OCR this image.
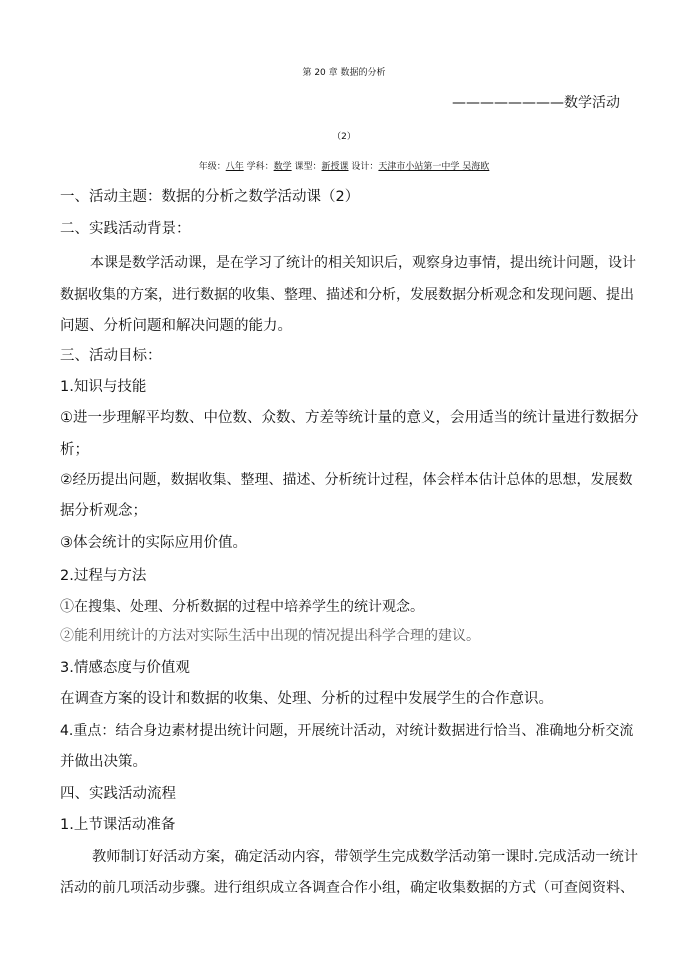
第 20 章 数据的分析
————————数学活动
（2）
年级：八年 学科：数学 课型：新授课 设计：天津市小站第一中学 吴海欧
一、活动主题：数据的分析之数学活动课（2）
二、实践活动背景：
本课是数学活动课，是在学习了统计的相关知识后，观察身边事情，提出统计问题，设计
数据收集的方案，进行数据的收集、整理、描述和分析，发展数据分析观念和发现问题、提出
问题、分析问题和解决问题的能力。
三、活动目标：
1.知识与技能
①进一步理解平均数、中位数、众数、方差等统计量的意义，会用适当的统计量进行数据分
析；
②经历提出问题，数据收集、整理、描述、分析统计过程，体会样本估计总体的思想，发展数
据分析观念；
③体会统计的实际应用价值。
2.过程与方法
①在搜集、处理、分析数据的过程中培养学生的统计观念。
②能利用统计的方法对实际生活中出现的情况提出科学合理的建议。
3.情感态度与价值观
在调查方案的设计和数据的收集、处理、分析的过程中发展学生的合作意识。
4.重点：结合身边素材提出统计问题，开展统计活动，对统计数据进行恰当、准确地分析交流
并做出决策。
四、实践活动流程
1.上节课活动准备
教师制订好活动方案，确定活动内容，带领学生完成数学活动第一课时.完成活动一统计
活动的前几项活动步骤。进行组织成立各调查合作小组，确定收集数据的方式（可查阅资料、
